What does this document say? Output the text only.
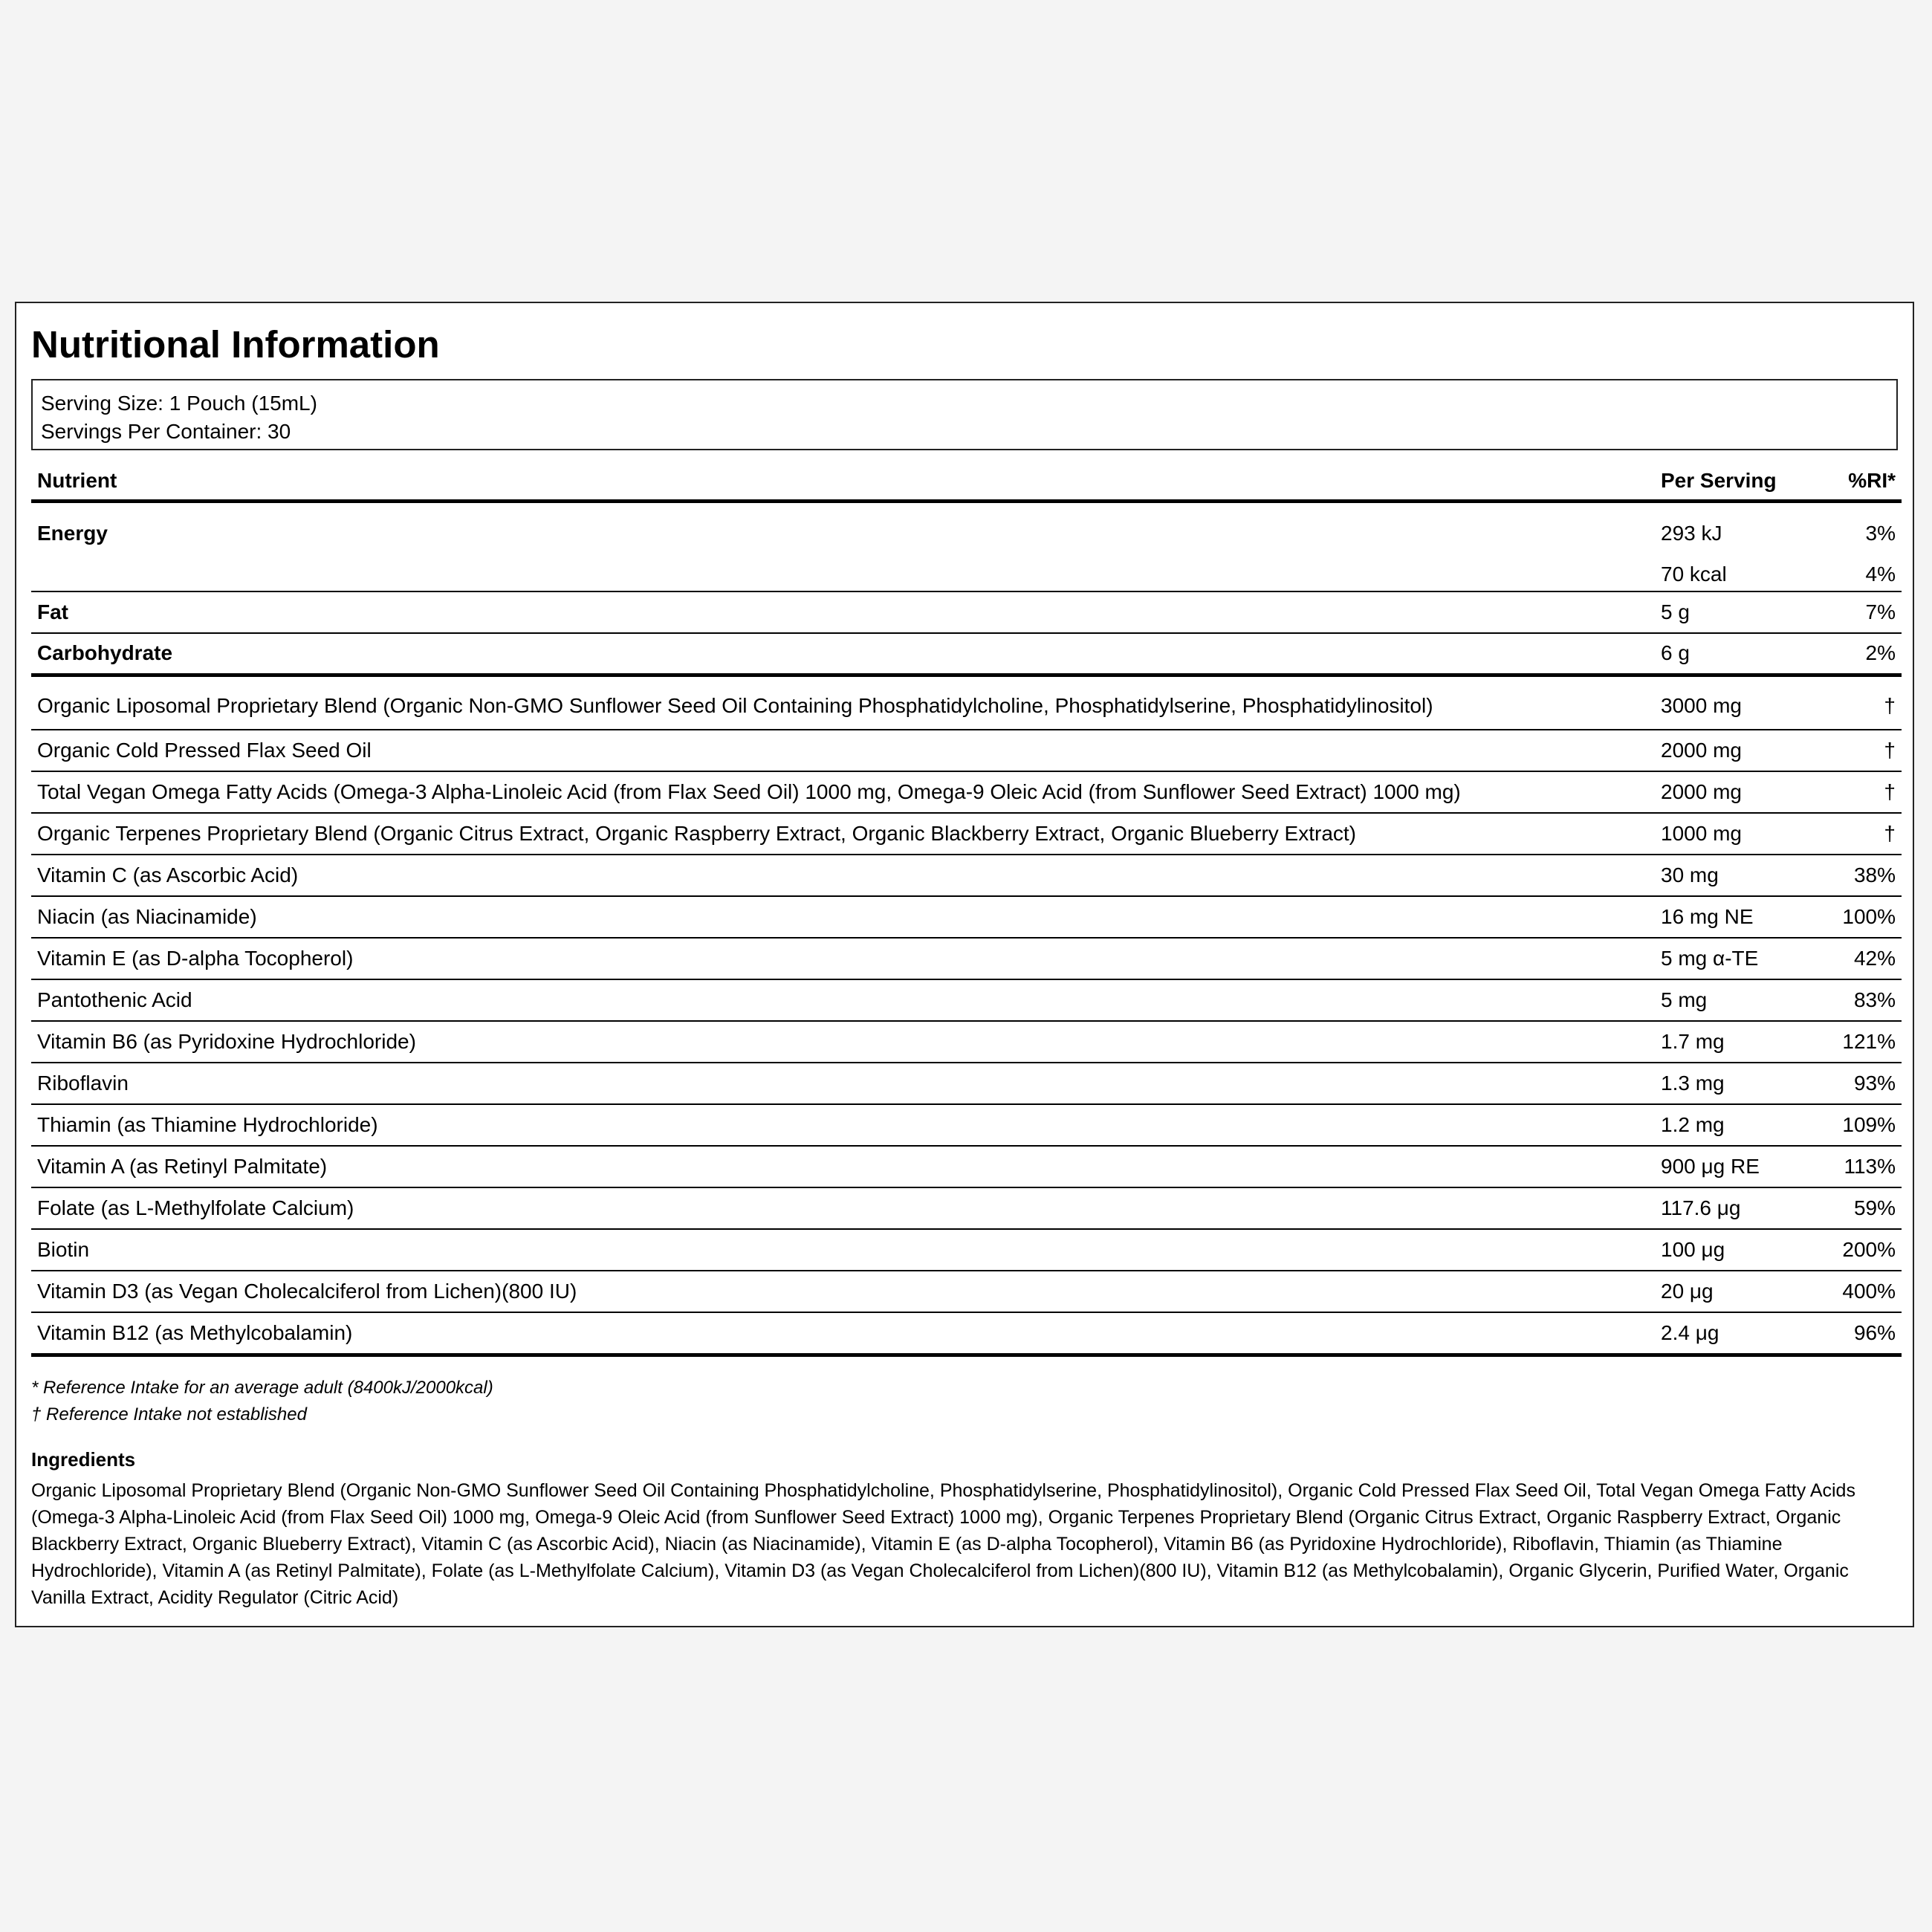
Nutritional Information
Serving Size: 1 Pouch (15mL)
Servings Per Container: 30
Nutrient	Per Serving	%RI*
Energy	293 kJ	3%
	70 kcal	4%
Fat	5 g	7%
Carbohydrate	6 g	2%
Organic Liposomal Proprietary Blend (Organic Non-GMO Sunflower Seed Oil Containing Phosphatidylcholine, Phosphatidylserine, Phosphatidylinositol)	3000 mg	†
Organic Cold Pressed Flax Seed Oil	2000 mg	†
Total Vegan Omega Fatty Acids (Omega-3 Alpha-Linoleic Acid (from Flax Seed Oil) 1000 mg, Omega-9 Oleic Acid (from Sunflower Seed Extract) 1000 mg)	2000 mg	†
Organic Terpenes Proprietary Blend (Organic Citrus Extract, Organic Raspberry Extract, Organic Blackberry Extract, Organic Blueberry Extract)	1000 mg	†
Vitamin C (as Ascorbic Acid)	30 mg	38%
Niacin (as Niacinamide)	16 mg NE	100%
Vitamin E (as D-alpha Tocopherol)	5 mg α-TE	42%
Pantothenic Acid	5 mg	83%
Vitamin B6 (as Pyridoxine Hydrochloride)	1.7 mg	121%
Riboflavin	1.3 mg	93%
Thiamin (as Thiamine Hydrochloride)	1.2 mg	109%
Vitamin A (as Retinyl Palmitate)	900 μg RE	113%
Folate (as L-Methylfolate Calcium)	117.6 μg	59%
Biotin	100 μg	200%
Vitamin D3 (as Vegan Cholecalciferol from Lichen)(800 IU)	20 μg	400%
Vitamin B12 (as Methylcobalamin)	2.4 μg	96%
* Reference Intake for an average adult (8400kJ/2000kcal)
† Reference Intake not established
Ingredients
Organic Liposomal Proprietary Blend (Organic Non-GMO Sunflower Seed Oil Containing Phosphatidylcholine, Phosphatidylserine, Phosphatidylinositol), Organic Cold Pressed Flax Seed Oil, Total Vegan Omega Fatty Acids (Omega-3 Alpha-Linoleic Acid (from Flax Seed Oil) 1000 mg, Omega-9 Oleic Acid (from Sunflower Seed Extract) 1000 mg), Organic Terpenes Proprietary Blend (Organic Citrus Extract, Organic Raspberry Extract, Organic Blackberry Extract, Organic Blueberry Extract), Vitamin C (as Ascorbic Acid), Niacin (as Niacinamide), Vitamin E (as D-alpha Tocopherol), Vitamin B6 (as Pyridoxine Hydrochloride), Riboflavin, Thiamin (as Thiamine Hydrochloride), Vitamin A (as Retinyl Palmitate), Folate (as L-Methylfolate Calcium), Vitamin D3 (as Vegan Cholecalciferol from Lichen)(800 IU), Vitamin B12 (as Methylcobalamin), Organic Glycerin, Purified Water, Organic Vanilla Extract, Acidity Regulator (Citric Acid)
